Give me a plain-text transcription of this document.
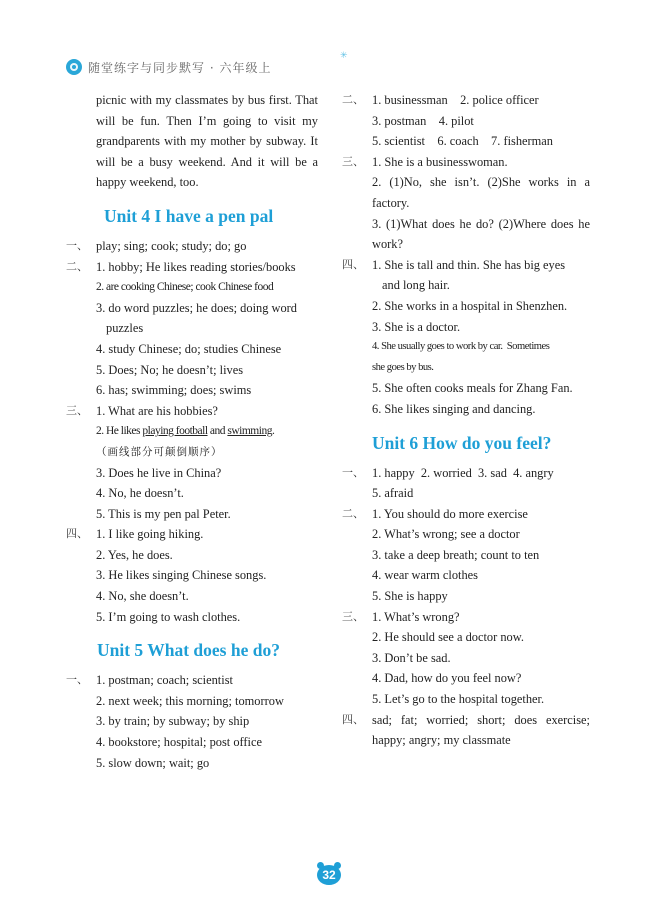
随堂练字与同步默写 · 六年级上
✳
picnic with my classmates by bus first. That will be fun. Then I’m going to visit my grandparents with my mother by subway. It will be a busy weekend. And it will be a happy weekend, too.
Unit 4 I have a pen pal
一、 play; sing; cook; study; do; go
二、 1. hobby; He likes reading stories/books
2. are cooking Chinese; cook Chinese food
3. do word puzzles; he does; doing word
puzzles
4. study Chinese; do; studies Chinese
5. Does; No; he doesn’t; lives
6. has; swimming; does; swims
三、 1. What are his hobbies?
2. He likes playing football and swimming.
（画线部分可颠倒顺序）
3. Does he live in China?
4. No, he doesn’t.
5. This is my pen pal Peter.
四、 1. I like going hiking.
2. Yes, he does.
3. He likes singing Chinese songs.
4. No, she doesn’t.
5. I’m going to wash clothes.
Unit 5 What does he do?
一、 1. postman; coach; scientist
2. next week; this morning; tomorrow
3. by train; by subway; by ship
4. bookstore; hospital; post office
5. slow down; wait; go
二、 1. businessman    2. police officer
3. postman    4. pilot
5. scientist    6. coach    7. fisherman
三、 1. She is a businesswoman.
2. (1)No, she isn’t. (2)She works in a factory.
3. (1)What does he do? (2)Where does he work?
四、 1. She is tall and thin. She has big eyes
and long hair.
2. She works in a hospital in Shenzhen.
3. She is a doctor.
4. She usually goes to work by car.  Sometimes
she goes by bus.
5. She often cooks meals for Zhang Fan.
6. She likes singing and dancing.
Unit 6 How do you feel?
一、 1. happy  2. worried  3. sad  4. angry
5. afraid
二、 1. You should do more exercise
2. What’s wrong; see a doctor
3. take a deep breath; count to ten
4. wear warm clothes
5. She is happy
三、 1. What’s wrong?
2. He should see a doctor now.
3. Don’t be sad.
4. Dad, how do you feel now?
5. Let’s go to the hospital together.
四、 sad; fat; worried; short; does exercise; happy; angry; my classmate
32
